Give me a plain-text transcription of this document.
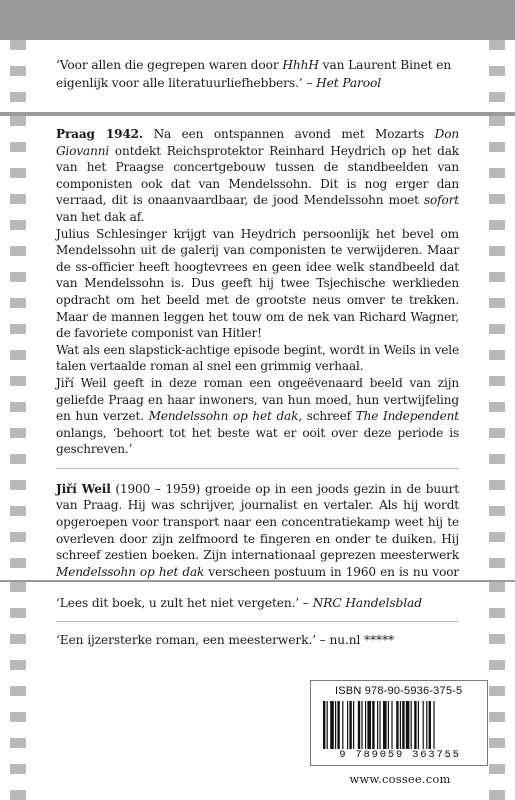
‘Voor allen die gegrepen waren door HhhH van Laurent Binet en eigenlijk voor alle literatuurliefhebbers.’ – Het Parool

Praag 1942. Na een ontspannen avond met Mozarts Don Giovanni ontdekt Reichsprotektor Reinhard Heydrich op het dak van het Praagse concertgebouw tussen de standbeelden van componisten ook dat van Mendelssohn. Dit is nog erger dan verraad, dit is onaanvaardbaar, de jood Mendelssohn moet sofort van het dak af.

Julius Schlesinger krijgt van Heydrich persoonlijk het bevel om Mendelssohn uit de galerij van componisten te verwijderen. Maar de ss-officier heeft hoogtevrees en geen idee welk standbeeld dat van Mendelssohn is. Dus geeft hij twee Tsjechische werklieden opdracht om het beeld met de grootste neus omver te trekken. Maar de mannen leggen het touw om de nek van Richard Wagner, de favoriete componist van Hitler!

Wat als een slapstick-achtige episode begint, wordt in Weils in vele talen vertaalde roman al snel een grimmig verhaal.

Jiří Weil geeft in deze roman een ongeëvenaard beeld van zijn geliefde Praag en haar inwoners, van hun moed, hun vertwijfeling en hun verzet. Mendelssohn op het dak, schreef The Independent onlangs, ‘behoort tot het beste wat er ooit over deze periode is geschreven.’

Jiří Weil (1900 – 1959) groeide op in een joods gezin in de buurt van Praag. Hij was schrijver, journalist en vertaler. Als hij wordt opgeroepen voor transport naar een concentratiekamp weet hij te overleven door zijn zelfmoord te fingeren en onder te duiken. Hij schreef zestien boeken. Zijn internationaal geprezen meesterwerk Mendelssohn op het dak verscheen postuum in 1960 en is nu voor

‘Lees dit boek, u zult het niet vergeten.’ – NRC Handelsblad
‘Een ijzersterke roman, een meesterwerk.’ – nu.nl *****
ISBN 978-90-5936-375-5
9 789059 363755
www.cossee.com
